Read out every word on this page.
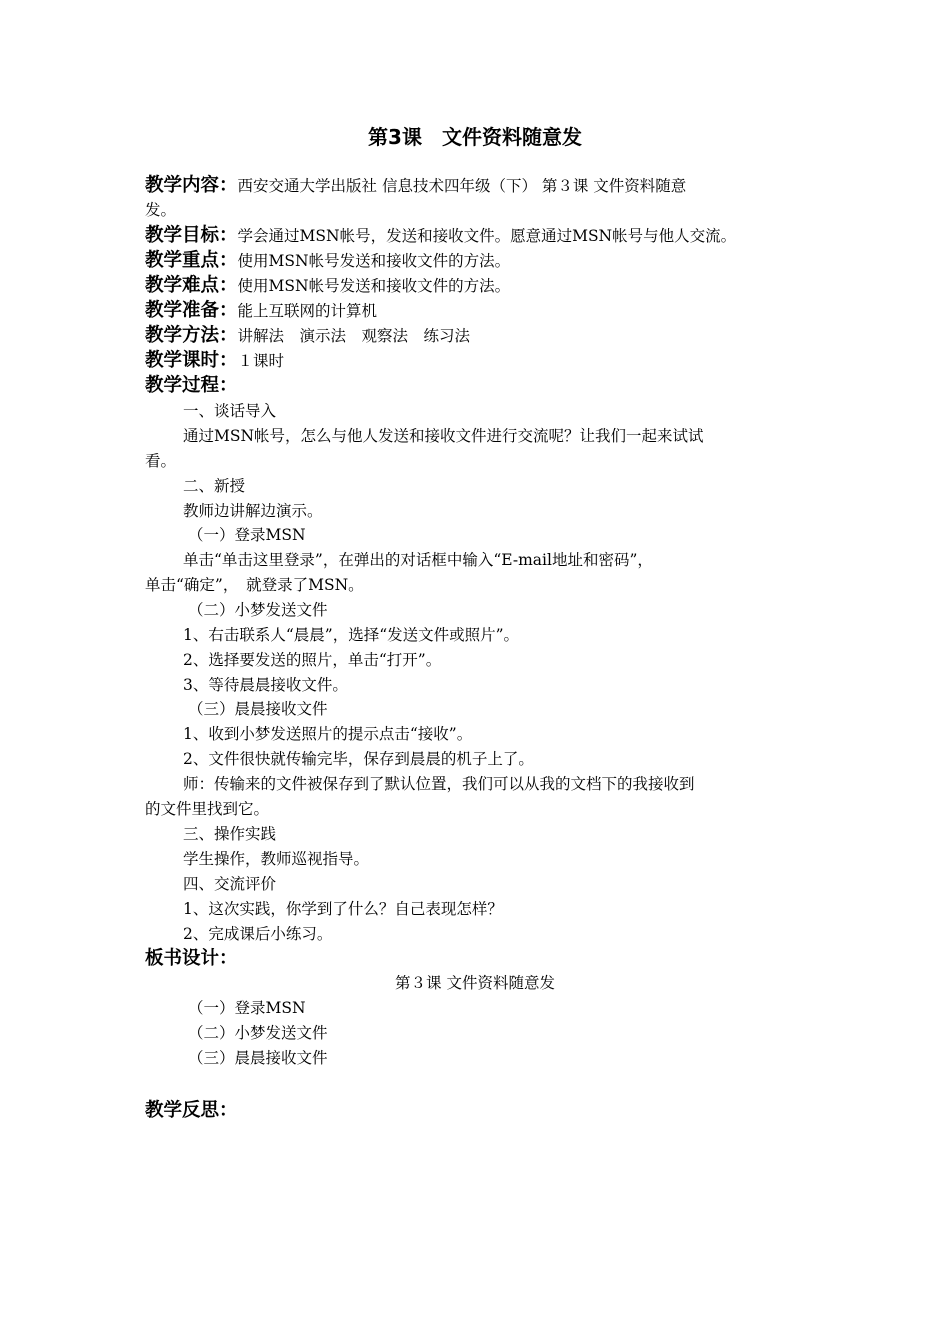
第3课　文件资料随意发
教学内容：西安交通大学出版社 信息技术四年级（下） 第３课 文件资料随意
发。
教学目标：学会通过MSN帐号，发送和接收文件。愿意通过MSN帐号与他人交流。
教学重点：使用MSN帐号发送和接收文件的方法。
教学难点：使用MSN帐号发送和接收文件的方法。
教学准备：能上互联网的计算机
教学方法：讲解法　演示法　观察法　练习法
教学课时：１课时
教学过程：
一、谈话导入
通过MSN帐号，怎么与他人发送和接收文件进行交流呢？让我们一起来试试
看。
二、新授
教师边讲解边演示。
（一）登录MSN
单击“单击这里登录”，在弹出的对话框中输入“E-mail地址和密码”，
单击“确定”，　就登录了MSN。
（二）小梦发送文件
1、右击联系人“晨晨”，选择“发送文件或照片”。
2、选择要发送的照片，单击“打开”。
3、等待晨晨接收文件。
（三）晨晨接收文件
1、收到小梦发送照片的提示点击“接收”。
2、文件很快就传输完毕，保存到晨晨的机子上了。
师：传输来的文件被保存到了默认位置，我们可以从我的文档下的我接收到
的文件里找到它。
三、操作实践
学生操作，教师巡视指导。
四、交流评价
1、这次实践，你学到了什么？自己表现怎样？
2、完成课后小练习。
板书设计：
第３课 文件资料随意发
（一）登录MSN
（二）小梦发送文件
（三）晨晨接收文件
教学反思：
